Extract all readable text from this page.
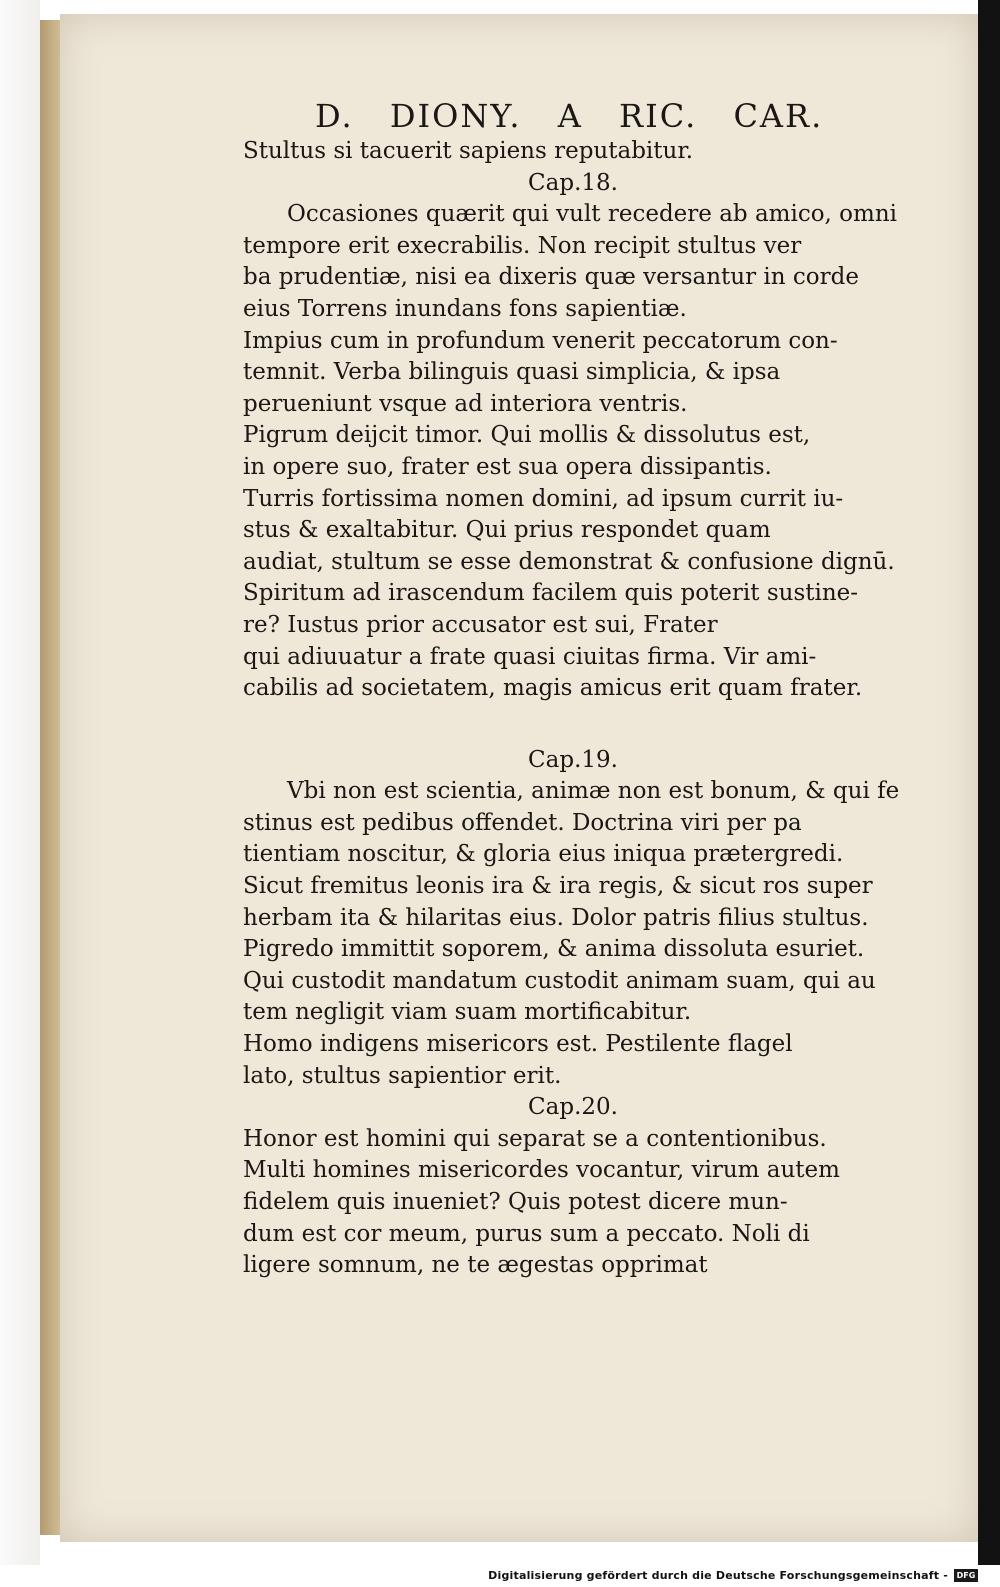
D. DIONY. A RIC. CAR.
Stultus si tacuerit sapiens reputabitur.
Cap.18.
Occasiones quærit qui vult recedere ab amico, omni
tempore erit execrabilis. Non recipit stultus ver
ba prudentiæ, nisi ea dixeris quæ versantur in corde
eius Torrens inundans fons sapientiæ.
Impius cum in profundum venerit peccatorum con-
temnit. Verba bilinguis quasi simplicia, & ipsa
perueniunt vsque ad interiora ventris.
Pigrum deijcit timor. Qui mollis & dissolutus est,
in opere suo, frater est sua opera dissipantis.
Turris fortissima nomen domini, ad ipsum currit iu-
stus & exaltabitur. Qui prius respondet quam
audiat, stultum se esse demonstrat & confusione dignū.
Spiritum ad irascendum facilem quis poterit sustine-
re? Iustus prior accusator est sui, Frater
qui adiuuatur a frate quasi ciuitas firma. Vir ami-
cabilis ad societatem, magis amicus erit quam frater.
Cap.19.
Vbi non est scientia, animæ non est bonum, & qui fe
stinus est pedibus offendet. Doctrina viri per pa
tientiam noscitur, & gloria eius iniqua prætergredi.
Sicut fremitus leonis ira & ira regis, & sicut ros super
herbam ita & hilaritas eius. Dolor patris filius stultus.
Pigredo immittit soporem, & anima dissoluta esuriet.
Qui custodit mandatum custodit animam suam, qui au
tem negligit viam suam mortificabitur.
Homo indigens misericors est. Pestilente flagel
lato, stultus sapientior erit.
Cap.20.
Honor est homini qui separat se a contentionibus.
Multi homines misericordes vocantur, virum autem
fidelem quis inueniet? Quis potest dicere mun-
dum est cor meum, purus sum a peccato. Noli di
ligere somnum, ne te ægestas opprimat
Digitalisierung gefördert durch die Deutsche Forschungsgemeinschaft -	DFG
